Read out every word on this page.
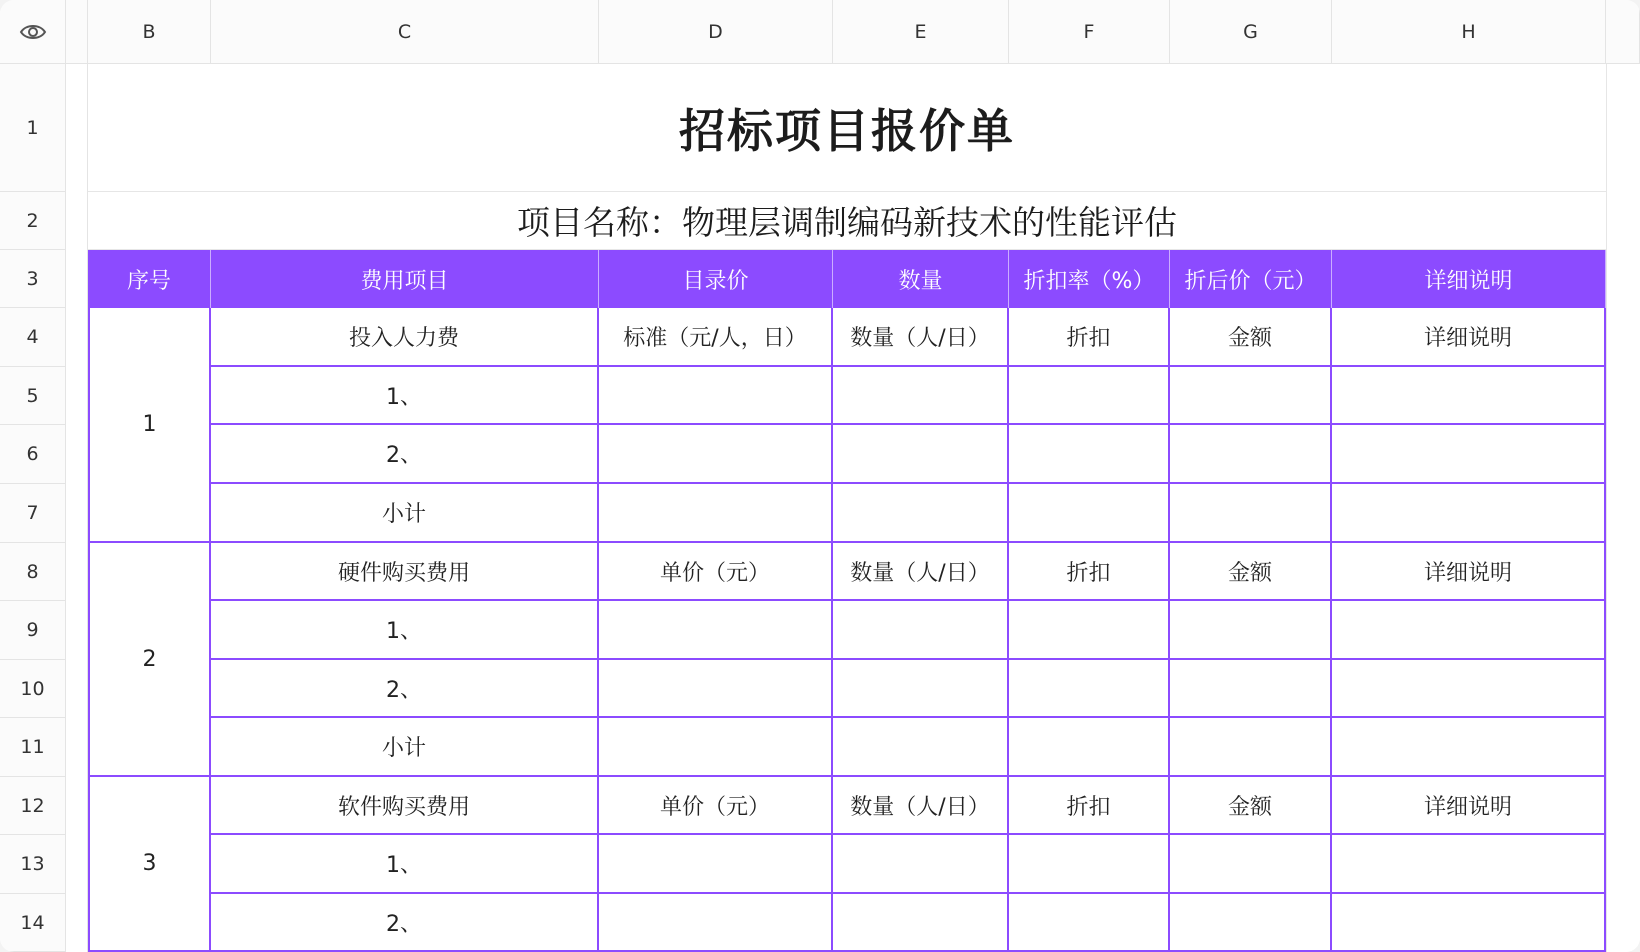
B	C	D	E	F	G	H
1
2
3
4
5
6
7
8
9
10
11
12
13
14
招标项目报价单
项目名称：物理层调制编码新技术的性能评估
序号	费用项目	目录价	数量	折扣率（%）	折后价（元）	详细说明
1
投入人力费	标准（元/人，日）	数量（人/日）	折扣	金额	详细说明
1、
2、
小计
2
硬件购买费用	单价（元）	数量（人/日）	折扣	金额	详细说明
1、
2、
小计
3
软件购买费用	单价（元）	数量（人/日）	折扣	金额	详细说明
1、
2、
